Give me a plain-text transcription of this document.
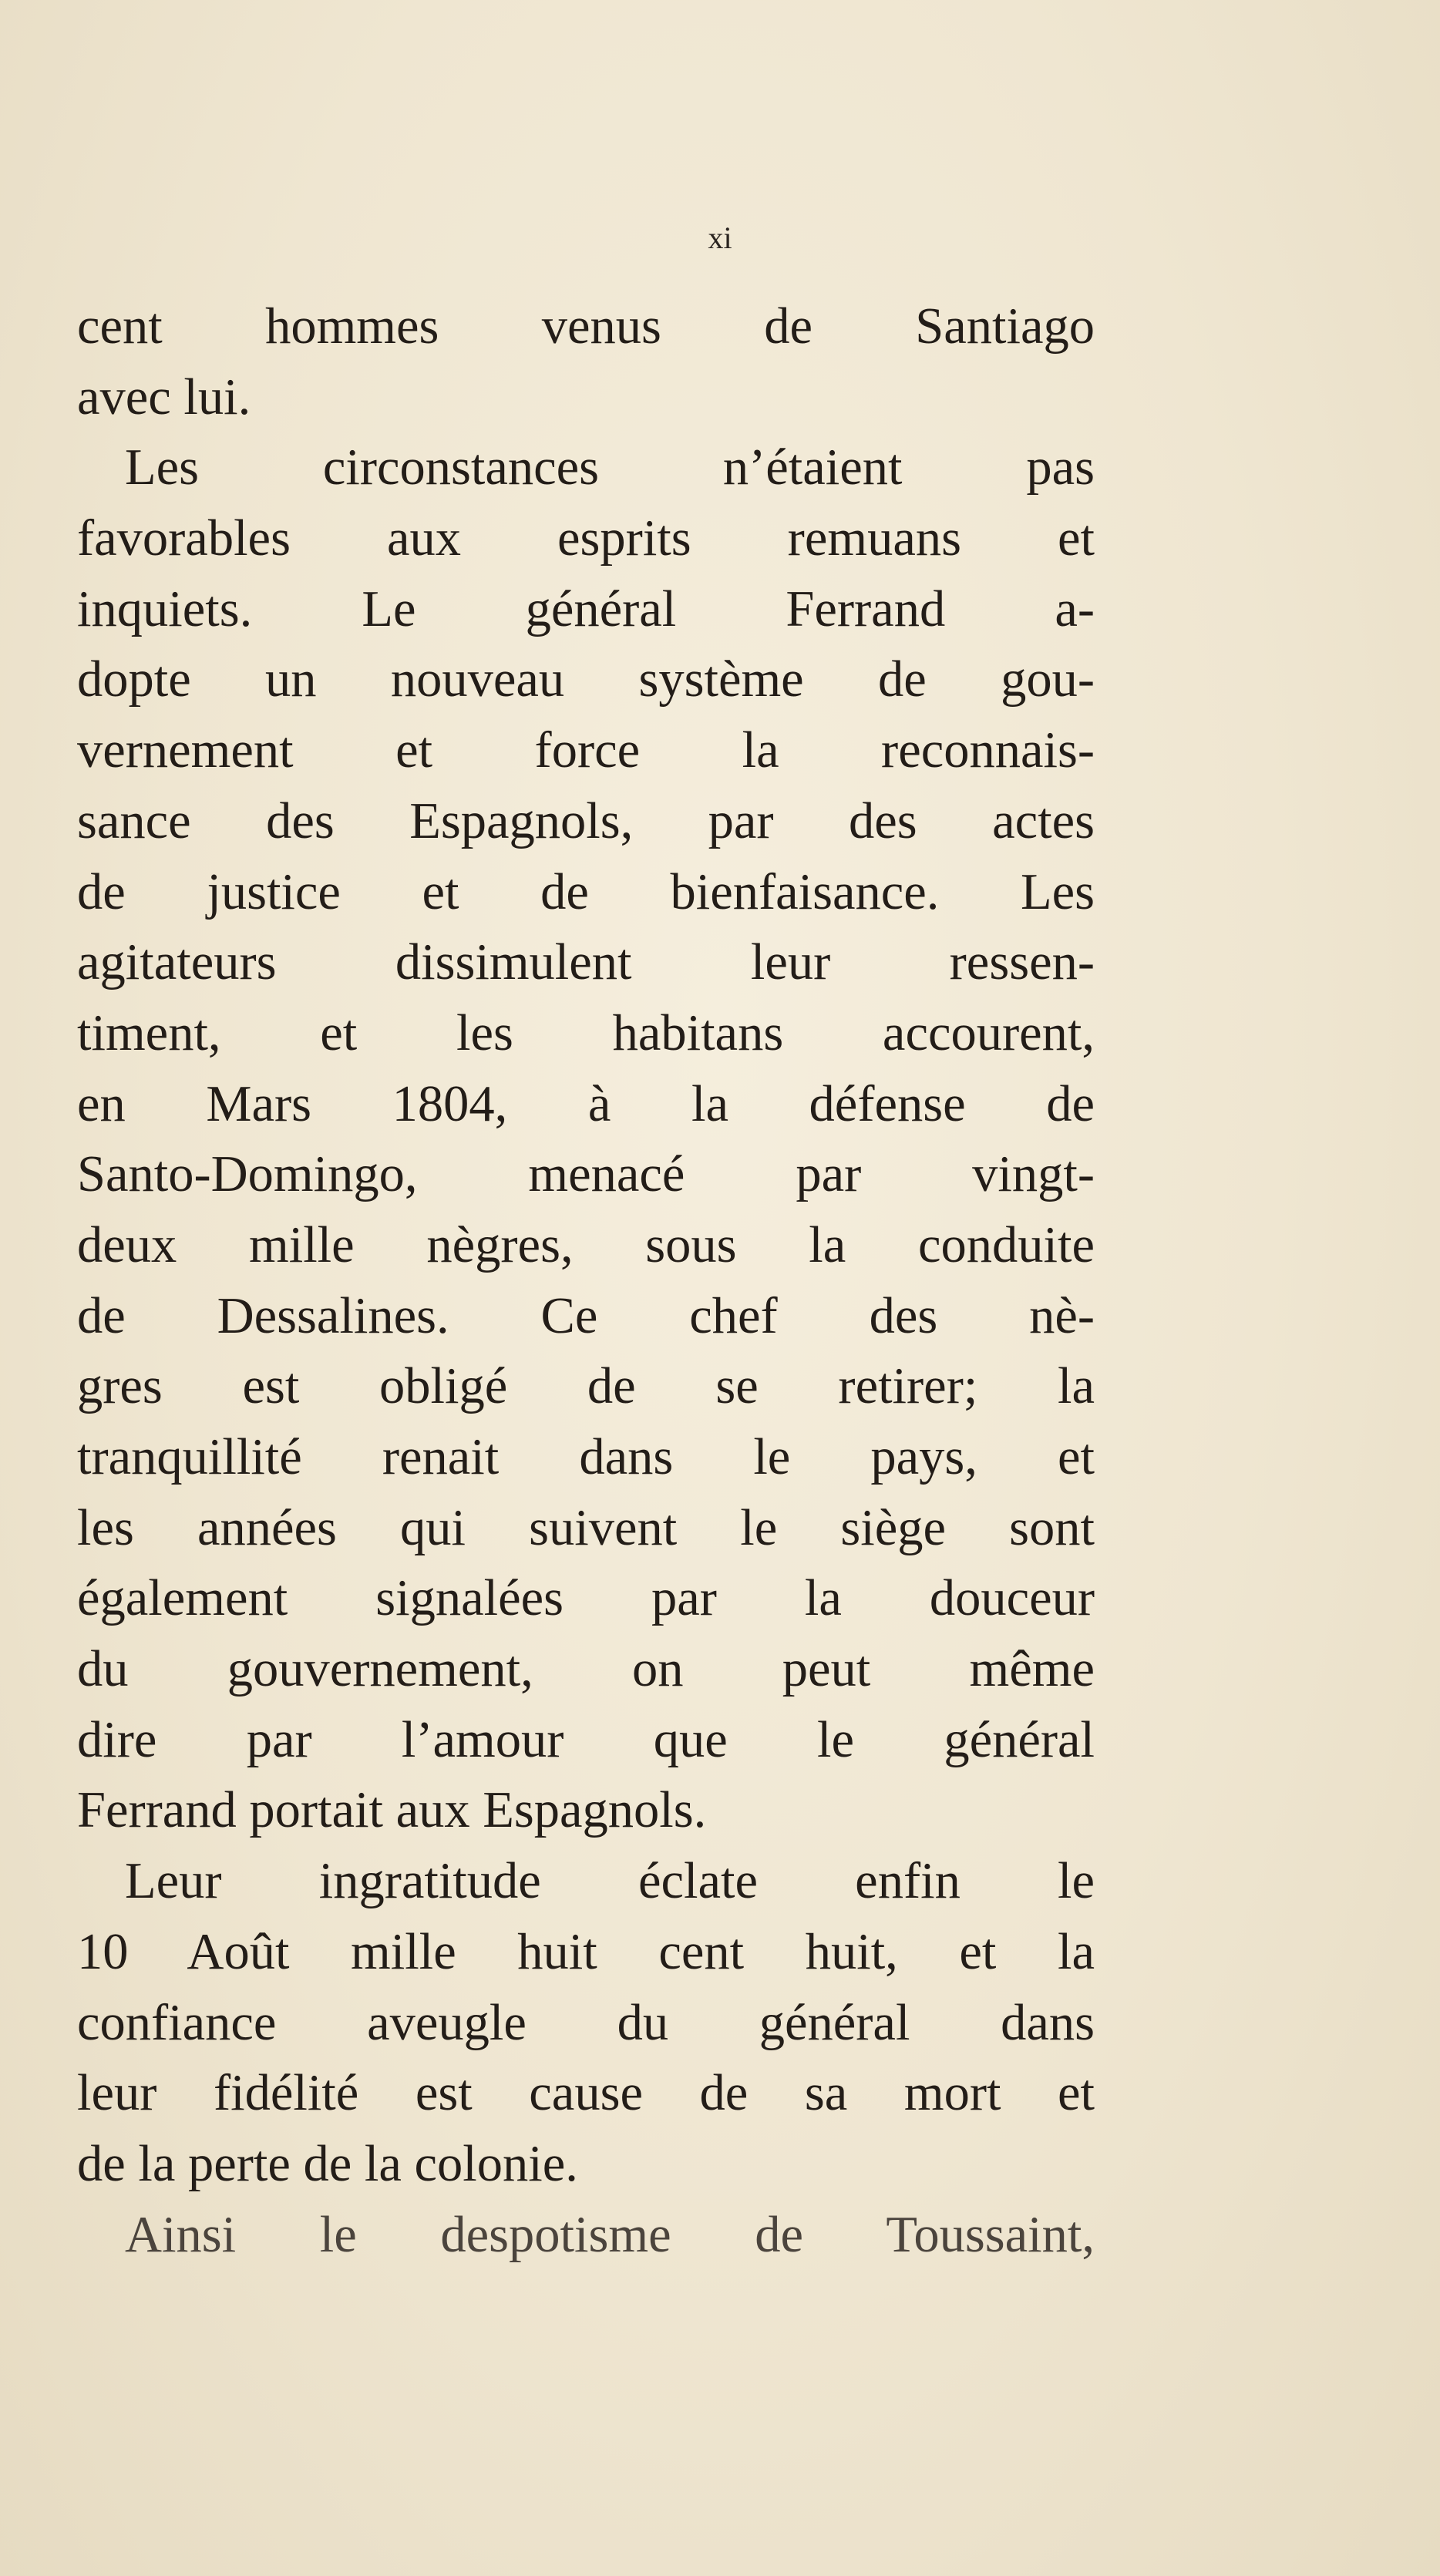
xi
cent hommes venus de Santiago
avec lui.
Les circonstances n’étaient pas
favorables aux esprits remuans et
inquiets. Le général Ferrand a-
dopte un nouveau système de gou-
vernement et force la reconnais-
sance des Espagnols, par des actes
de justice et de bienfaisance. Les
agitateurs dissimulent leur ressen-
timent, et les habitans accourent,
en Mars 1804, à la défense de
Santo-Domingo, menacé par vingt-
deux mille nègres, sous la conduite
de Dessalines. Ce chef des nè-
gres est obligé de se retirer; la
tranquillité renait dans le pays, et
les années qui suivent le siège sont
également signalées par la douceur
du gouvernement, on peut même
dire par l’amour que le général
Ferrand portait aux Espagnols.
Leur ingratitude éclate enfin le
10 Août mille huit cent huit, et la
confiance aveugle du général dans
leur fidélité est cause de sa mort et
de la perte de la colonie.
Ainsi le despotisme de Toussaint,
